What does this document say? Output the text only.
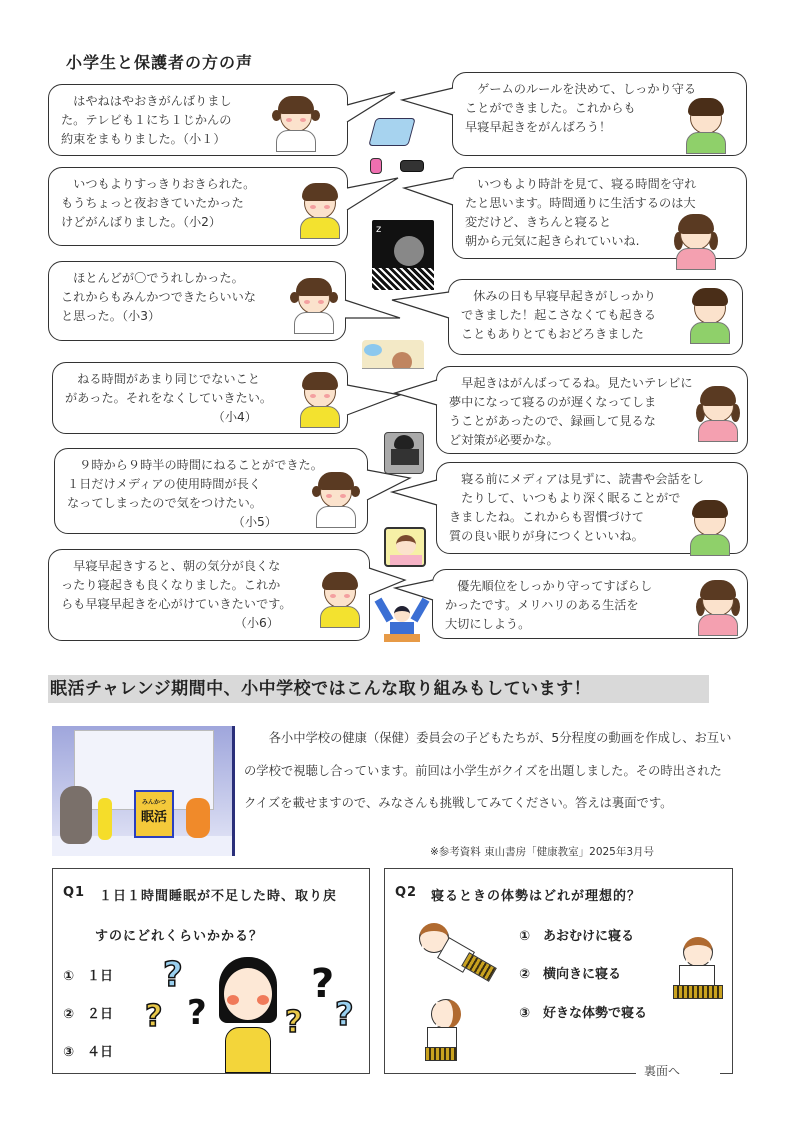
小学生と保護者の方の声
　はやねはやおきがんばりまし
た。テレビも１にち１じかんの
約束をまもりました。（小１）
　いつもよりすっきりおきられた。
もうちょっと夜おきていたかった
けどがんばりました。（小2）
　ほとんどが〇でうれしかった。
これからもみんかつできたらいいな
と思った。（小3）
　ねる時間があまり同じでないこと
があった。それをなくしていきたい。
（小4）
　９時から９時半の時間にねることができた。
１日だけメディアの使用時間が長く
なってしまったので気をつけたい。
（小5）
　早寝早起きすると、朝の気分が良くな
ったり寝起きも良くなりました。これか
らも早寝早起きを心がけていきたいです。
（小6）
　ゲームのルールを決めて、しっかり守る
ことができました。これからも
早寝早起きをがんばろう！
　いつもより時計を見て、寝る時間を守れ
たと思います。時間通りに生活するのは大
変だけど、きちんと寝ると
朝から元気に起きられていいね.
　休みの日も早寝早起きがしっかり
できました！起こさなくても起きる
こともありとてもおどろきました
　早起きはがんばってるね。見たいテレビに
夢中になって寝るのが遅くなってしま
うことがあったので、録画して見るな
ど対策が必要かな。
　寝る前にメディアは見ずに、読書や会話をし
　たりして、いつもより深く眠ることがで
きましたね。これからも習慣づけて
質の良い眠りが身につくといいね。
　優先順位をしっかり守ってすばらし
かったです。メリハリのある生活を
大切にしよう。
z
眠活チャレンジ期間中、小中学校ではこんな取り組みもしています！
みんかつ
眠活
各小中学校の健康（保健）委員会の子どもたちが、5分程度の動画を作成し、お互いの学校で視聴し合っています。前回は小学生がクイズを出題しました。その時出されたクイズを載せますので、みなさんも挑戦してみてください。答えは裏面です。
※参考資料 東山書房「健康教室」2025年3月号
Q1 １日１時間睡眠が不足した時、取り戻
すのにどれくらいかかる？
①　１日
②　２日
③　４日
?
? ?	?
?
?
Q2 寝るときの体勢はどれが理想的？
①　あおむけに寝る
②　横向きに寝る
③　好きな体勢で寝る
裏面へ
